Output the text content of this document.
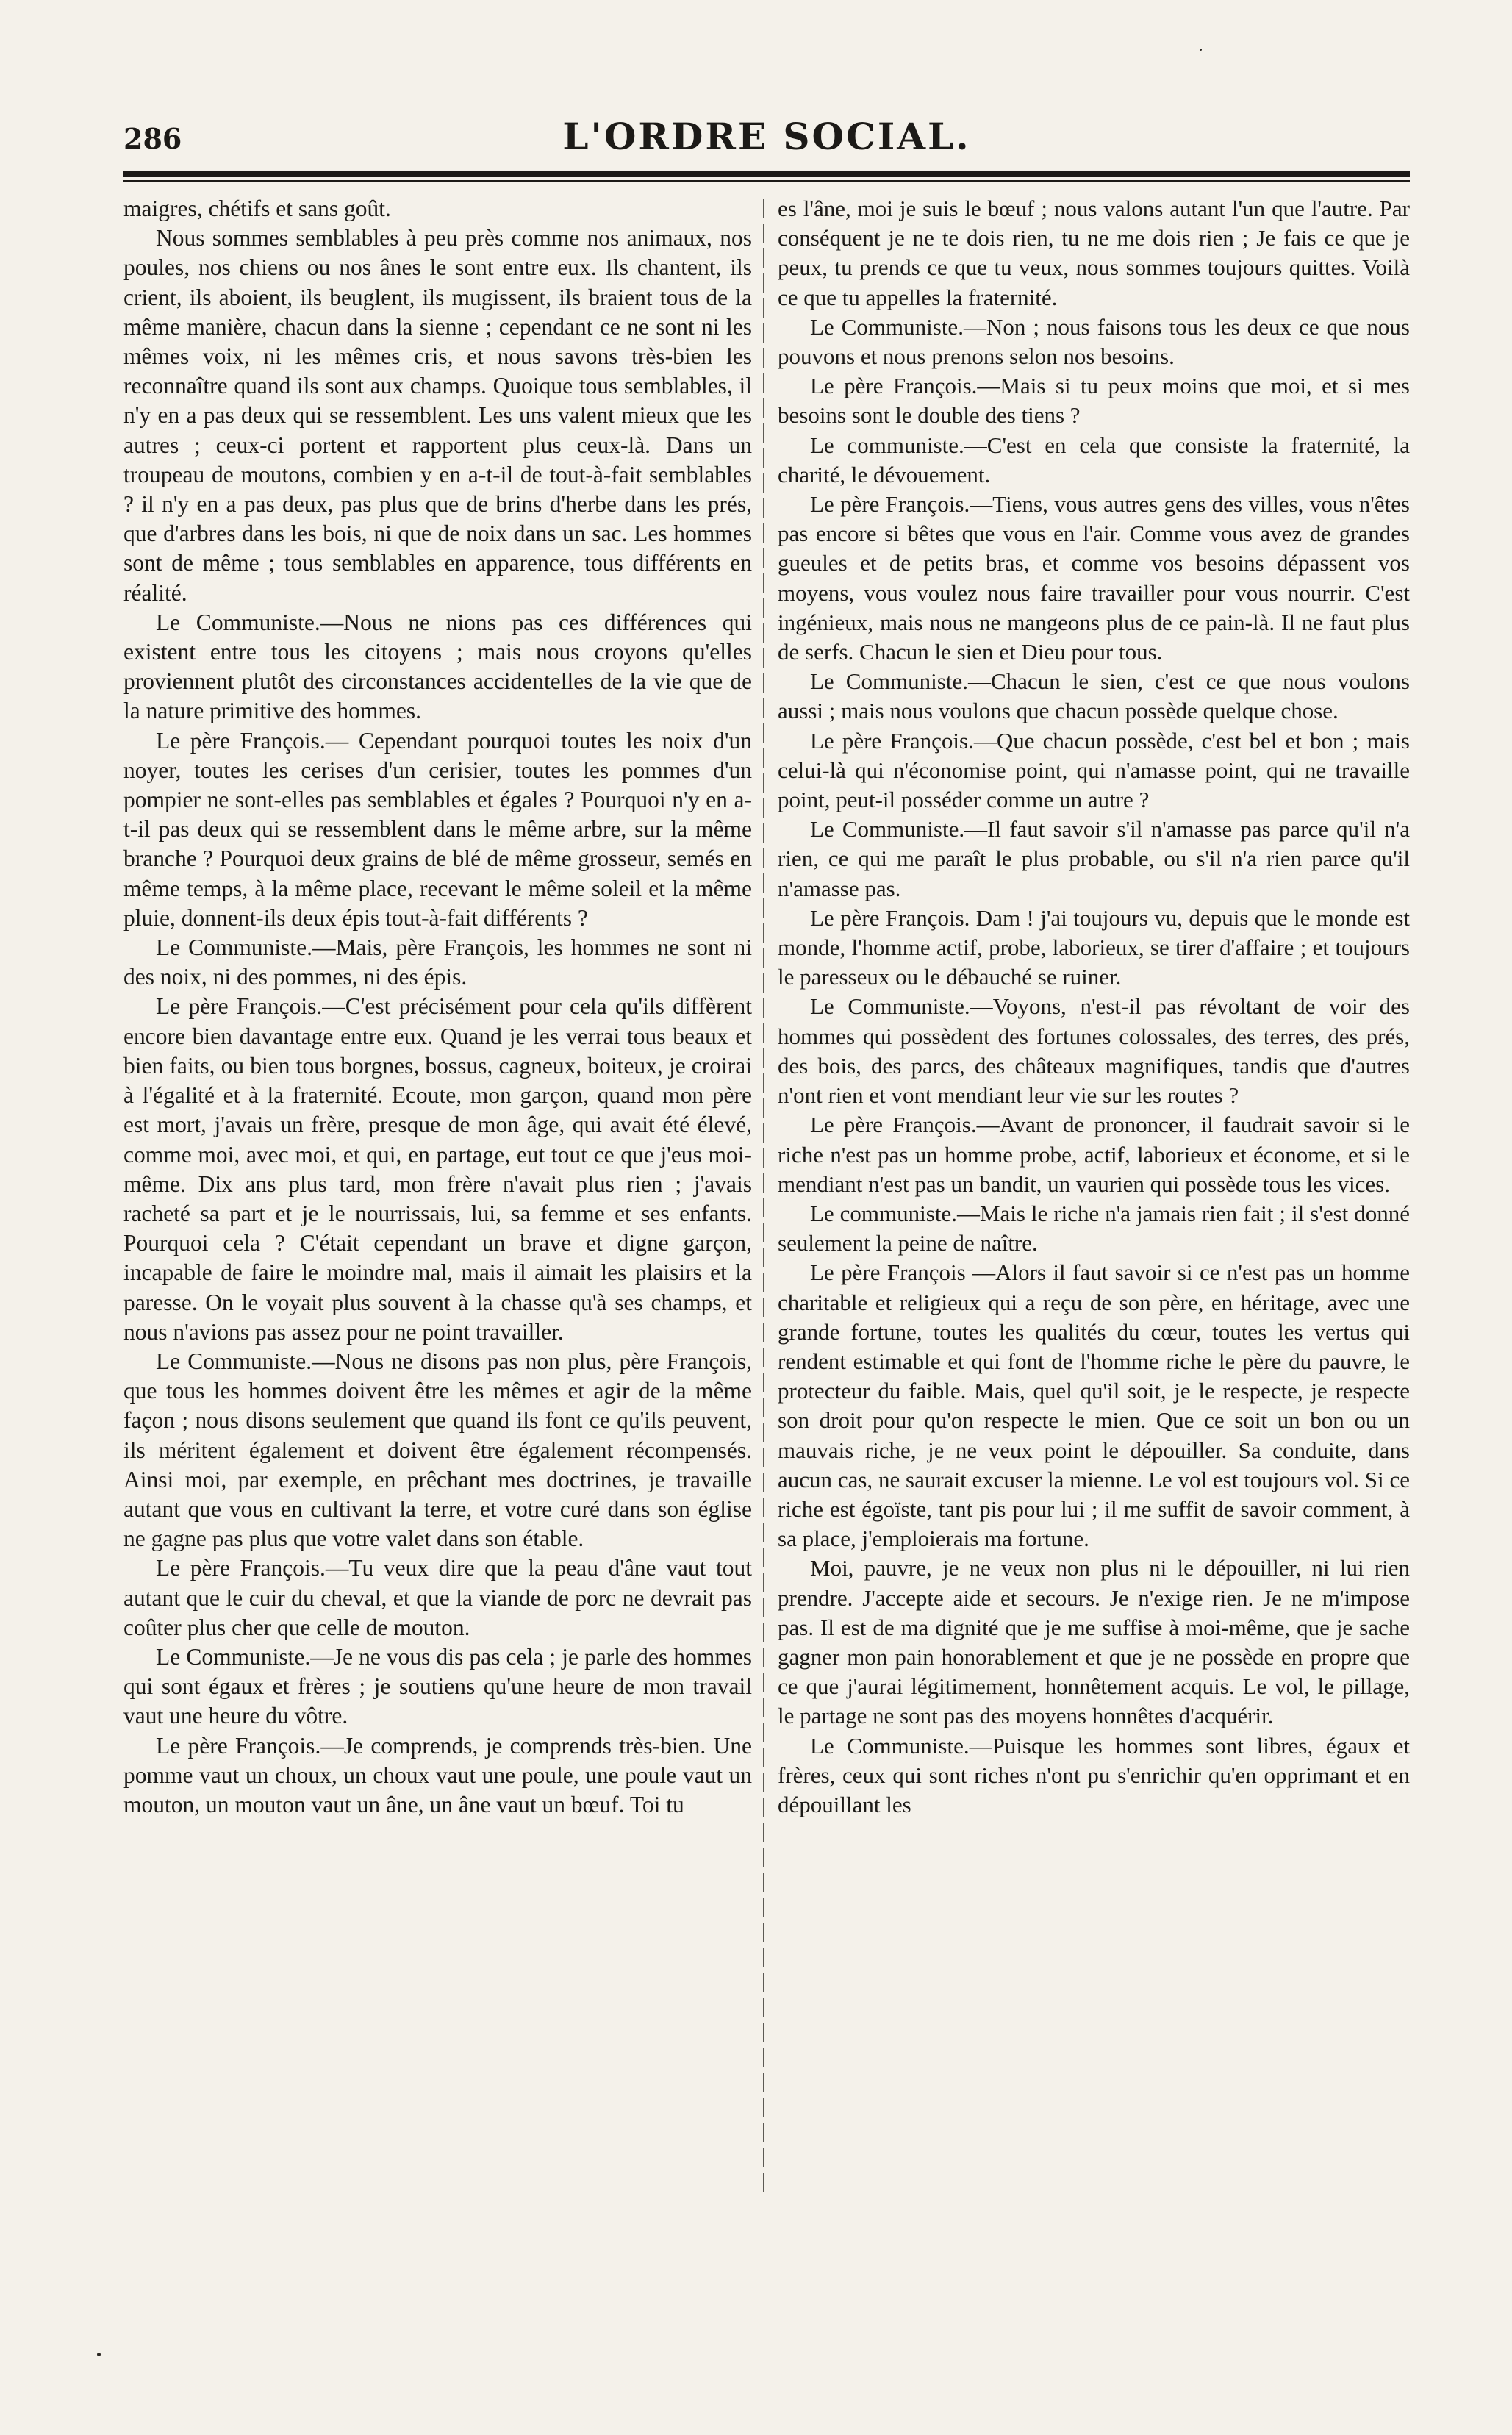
286	L'ORDRE SOCIAL.

maigres, chétifs et sans goût.

Nous sommes semblables à peu près comme nos animaux, nos poules, nos chiens ou nos ânes le sont entre eux. Ils chantent, ils crient, ils aboient, ils beuglent, ils mugissent, ils braient tous de la même manière, chacun dans la sienne ; cependant ce ne sont ni les mêmes voix, ni les mêmes cris, et nous savons très-bien les reconnaître quand ils sont aux champs. Quoique tous semblables, il n'y en a pas deux qui se ressemblent. Les uns valent mieux que les autres ; ceux-ci portent et rapportent plus ceux-là. Dans un troupeau de moutons, combien y en a-t-il de tout-à-fait semblables ? il n'y en a pas deux, pas plus que de brins d'herbe dans les prés, que d'arbres dans les bois, ni que de noix dans un sac. Les hommes sont de même ; tous semblables en apparence, tous différents en réalité.

Le Communiste.—Nous ne nions pas ces différences qui existent entre tous les citoyens ; mais nous croyons qu'elles proviennent plutôt des circonstances accidentelles de la vie que de la nature primitive des hommes.

Le père François.— Cependant pourquoi toutes les noix d'un noyer, toutes les cerises d'un cerisier, toutes les pommes d'un pompier ne sont-elles pas semblables et égales ? Pourquoi n'y en a-t-il pas deux qui se ressemblent dans le même arbre, sur la même branche ? Pourquoi deux grains de blé de même grosseur, semés en même temps, à la même place, recevant le même soleil et la même pluie, donnent-ils deux épis tout-à-fait différents ?

Le Communiste.—Mais, père François, les hommes ne sont ni des noix, ni des pommes, ni des épis.

Le père François.—C'est précisément pour cela qu'ils diffèrent encore bien davantage entre eux. Quand je les verrai tous beaux et bien faits, ou bien tous borgnes, bossus, cagneux, boiteux, je croirai à l'égalité et à la fraternité. Ecoute, mon garçon, quand mon père est mort, j'avais un frère, presque de mon âge, qui avait été élevé, comme moi, avec moi, et qui, en partage, eut tout ce que j'eus moi-même. Dix ans plus tard, mon frère n'avait plus rien ; j'avais racheté sa part et je le nourrissais, lui, sa femme et ses enfants. Pourquoi cela ? C'était cependant un brave et digne garçon, incapable de faire le moindre mal, mais il aimait les plaisirs et la paresse. On le voyait plus souvent à la chasse qu'à ses champs, et nous n'avions pas assez pour ne point travailler.

Le Communiste.—Nous ne disons pas non plus, père François, que tous les hommes doivent être les mêmes et agir de la même façon ; nous disons seulement que quand ils font ce qu'ils peuvent, ils méritent également et doivent être également récompensés. Ainsi moi, par exemple, en prêchant mes doctrines, je travaille autant que vous en cultivant la terre, et votre curé dans son église ne gagne pas plus que votre valet dans son étable.

Le père François.—Tu veux dire que la peau d'âne vaut tout autant que le cuir du cheval, et que la viande de porc ne devrait pas coûter plus cher que celle de mouton.

Le Communiste.—Je ne vous dis pas cela ; je parle des hommes qui sont égaux et frères ; je soutiens qu'une heure de mon travail vaut une heure du vôtre.

Le père François.—Je comprends, je comprends très-bien. Une pomme vaut un choux, un choux vaut une poule, une poule vaut un mouton, un mouton vaut un âne, un âne vaut un bœuf. Toi tu

es l'âne, moi je suis le bœuf ; nous valons autant l'un que l'autre. Par conséquent je ne te dois rien, tu ne me dois rien ; Je fais ce que je peux, tu prends ce que tu veux, nous sommes toujours quittes. Voilà ce que tu appelles la fraternité.

Le Communiste.—Non ; nous faisons tous les deux ce que nous pouvons et nous prenons selon nos besoins.

Le père François.—Mais si tu peux moins que moi, et si mes besoins sont le double des tiens ?

Le communiste.—C'est en cela que consiste la fraternité, la charité, le dévouement.

Le père François.—Tiens, vous autres gens des villes, vous n'êtes pas encore si bêtes que vous en l'air. Comme vous avez de grandes gueules et de petits bras, et comme vos besoins dépassent vos moyens, vous voulez nous faire travailler pour vous nourrir. C'est ingénieux, mais nous ne mangeons plus de ce pain-là. Il ne faut plus de serfs. Chacun le sien et Dieu pour tous.

Le Communiste.—Chacun le sien, c'est ce que nous voulons aussi ; mais nous voulons que chacun possède quelque chose.

Le père François.—Que chacun possède, c'est bel et bon ; mais celui-là qui n'économise point, qui n'amasse point, qui ne travaille point, peut-il posséder comme un autre ?

Le Communiste.—Il faut savoir s'il n'amasse pas parce qu'il n'a rien, ce qui me paraît le plus probable, ou s'il n'a rien parce qu'il n'amasse pas.

Le père François. Dam ! j'ai toujours vu, depuis que le monde est monde, l'homme actif, probe, laborieux, se tirer d'affaire ; et toujours le paresseux ou le débauché se ruiner.

Le Communiste.—Voyons, n'est-il pas révoltant de voir des hommes qui possèdent des fortunes colossales, des terres, des prés, des bois, des parcs, des châteaux magnifiques, tandis que d'autres n'ont rien et vont mendiant leur vie sur les routes ?

Le père François.—Avant de prononcer, il faudrait savoir si le riche n'est pas un homme probe, actif, laborieux et économe, et si le mendiant n'est pas un bandit, un vaurien qui possède tous les vices.

Le communiste.—Mais le riche n'a jamais rien fait ; il s'est donné seulement la peine de naître.

Le père François —Alors il faut savoir si ce n'est pas un homme charitable et religieux qui a reçu de son père, en héritage, avec une grande fortune, toutes les qualités du cœur, toutes les vertus qui rendent estimable et qui font de l'homme riche le père du pauvre, le protecteur du faible. Mais, quel qu'il soit, je le respecte, je respecte son droit pour qu'on respecte le mien. Que ce soit un bon ou un mauvais riche, je ne veux point le dépouiller. Sa conduite, dans aucun cas, ne saurait excuser la mienne. Le vol est toujours vol. Si ce riche est égoïste, tant pis pour lui ; il me suffit de savoir comment, à sa place, j'emploierais ma fortune.

Moi, pauvre, je ne veux non plus ni le dépouiller, ni lui rien prendre. J'accepte aide et secours. Je n'exige rien. Je ne m'impose pas. Il est de ma dignité que je me suffise à moi-même, que je sache gagner mon pain honorablement et que je ne possède en propre que ce que j'aurai légitimement, honnêtement acquis. Le vol, le pillage, le partage ne sont pas des moyens honnêtes d'acquérir.

Le Communiste.—Puisque les hommes sont libres, égaux et frères, ceux qui sont riches n'ont pu s'enrichir qu'en opprimant et en dépouillant les
